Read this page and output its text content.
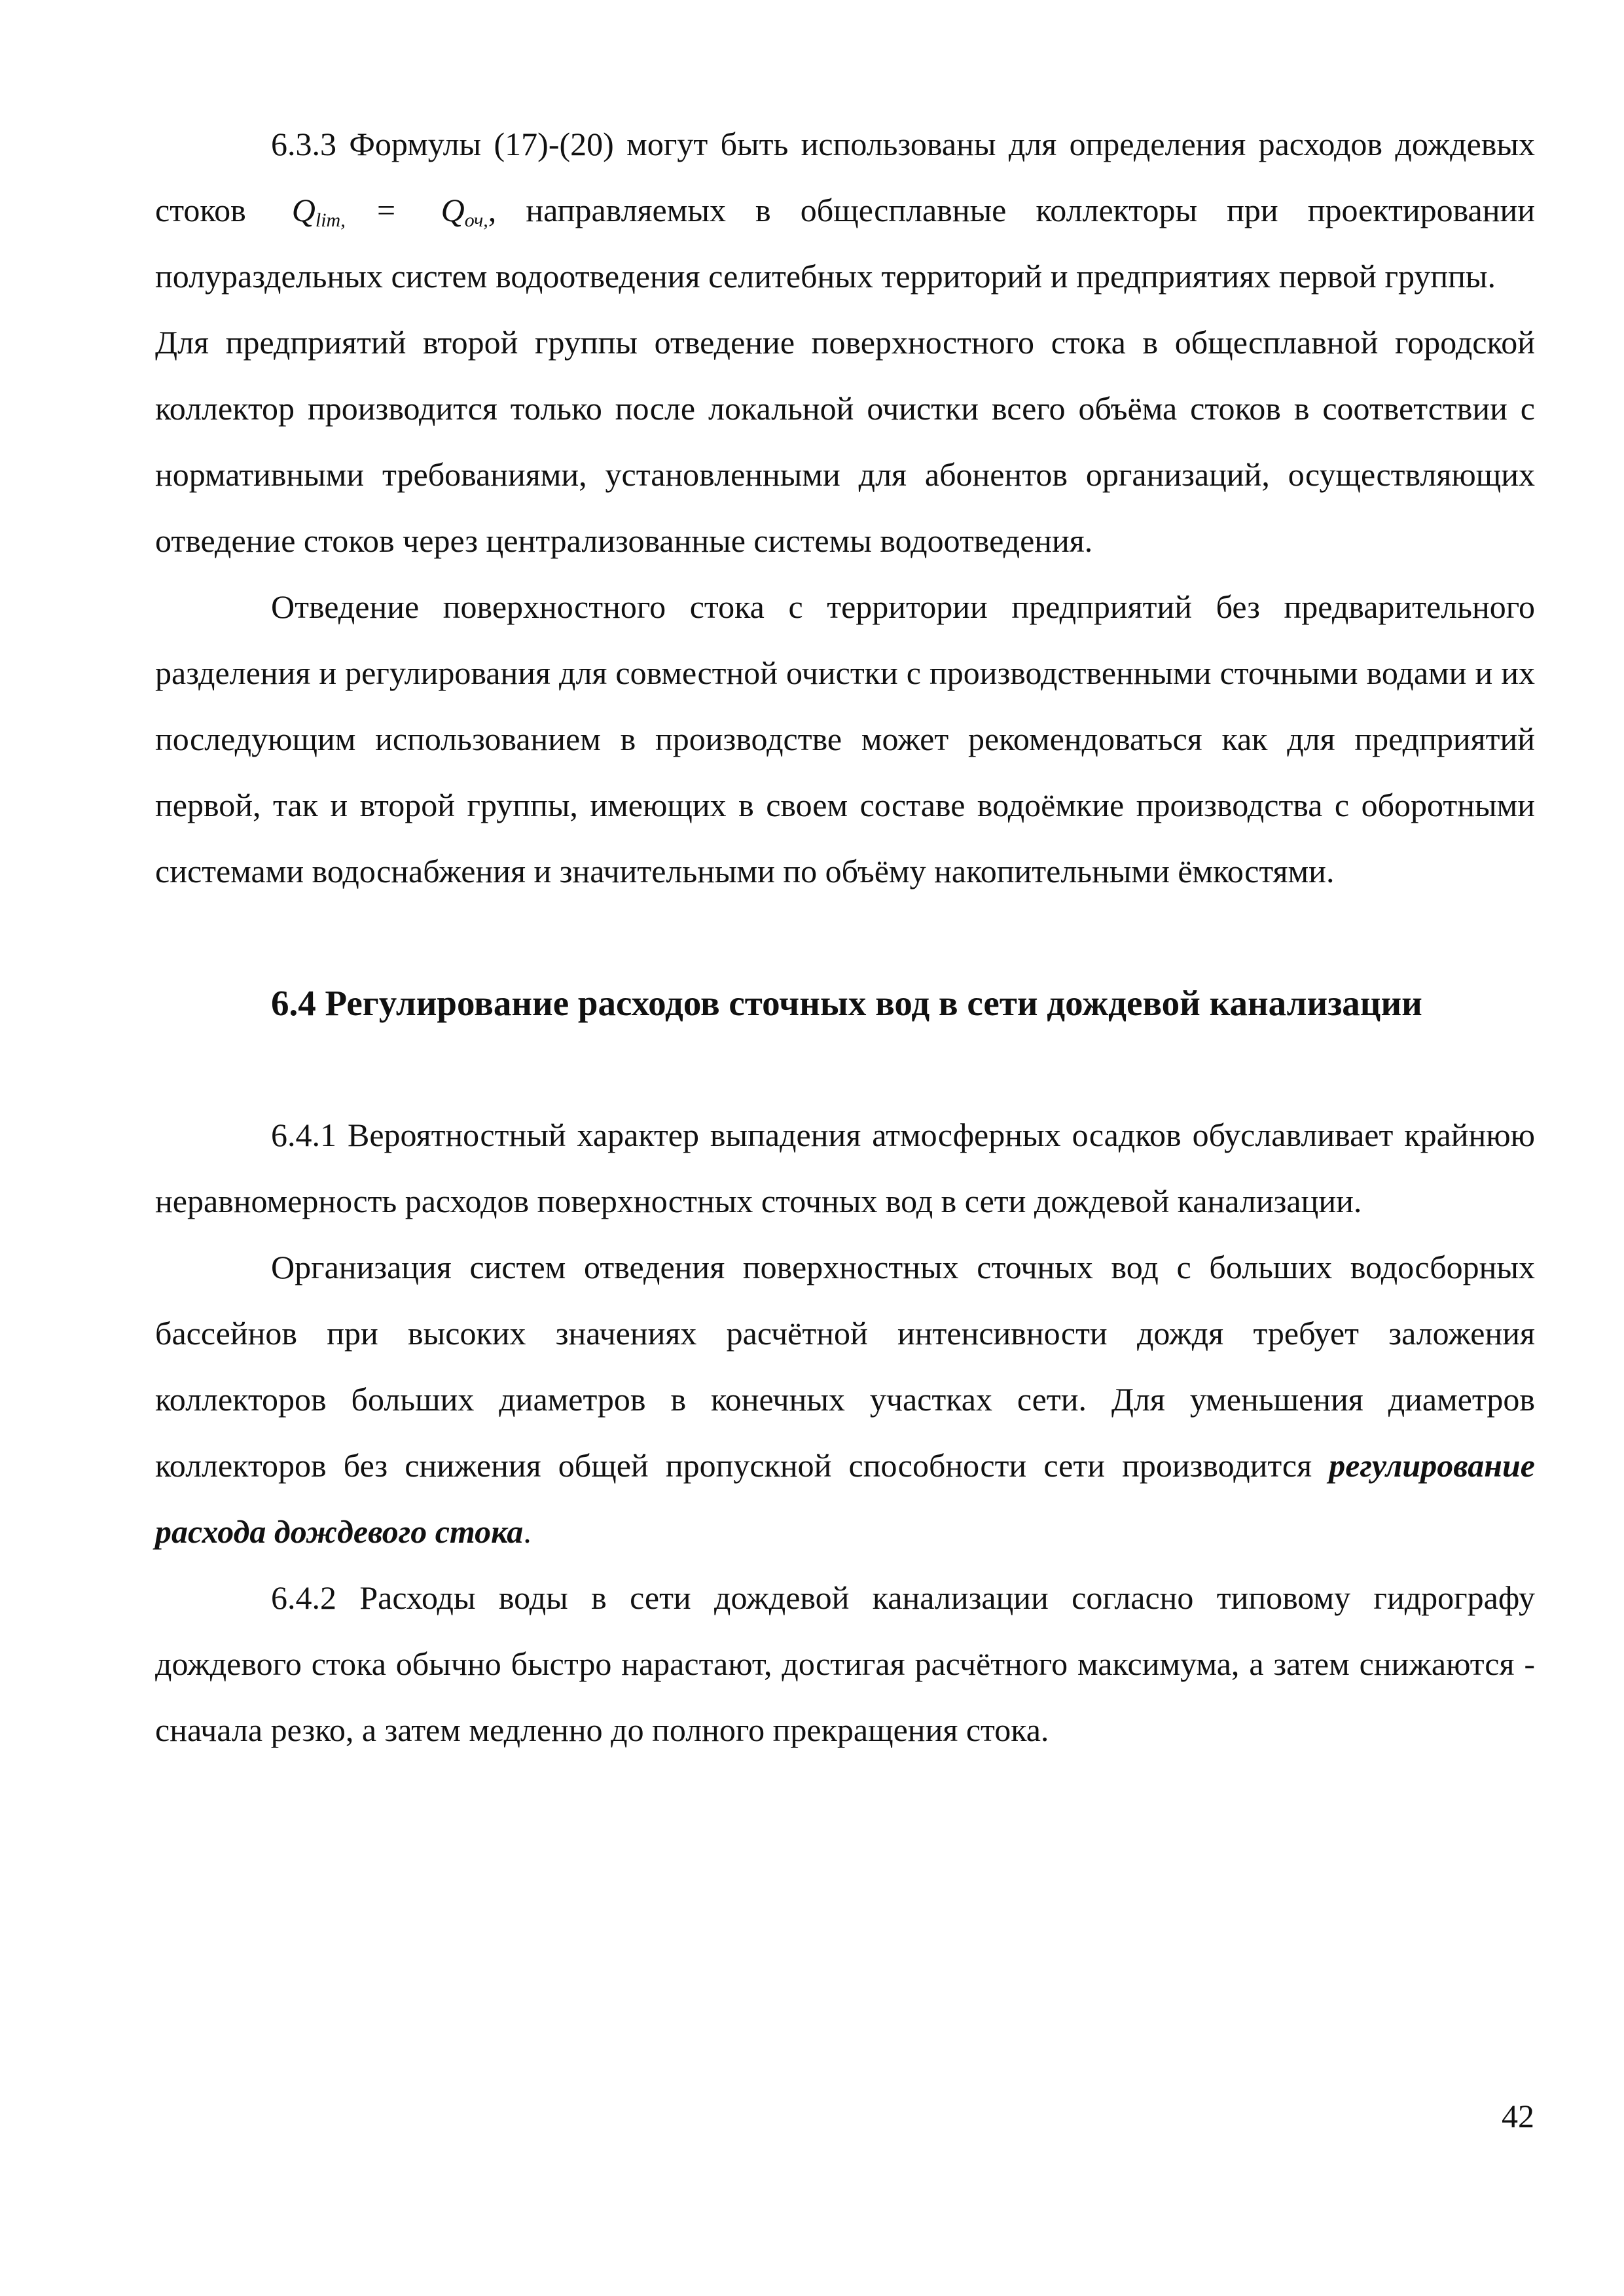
6.3.3 Формулы (17)-(20) могут быть использованы для определения расходов дождевых стоков $Q_{lim,} = Q_{оч,}$, направляемых в общесплавные коллекторы при проектировании полураздельных систем водоотведения селитебных территорий и предприятиях первой группы.Для предприятий второй группы отведение поверхностного стока в общесплавной городской коллектор производится только после локальной очистки всего объёма стоков в соответствии с нормативными требованиями, установленными для абонентов организаций, осуществляющих отведение стоков через централизованные системы водоотведения.

Отведение поверхностного стока с территории предприятий без предварительного разделения и регулирования для совместной очистки с производственными сточными водами и их последующим использованием в производстве может рекомендоваться как для предприятий первой, так и второй группы, имеющих в своем составе водоёмкие производства с оборотными системами водоснабжения и значительными по объёму накопительными ёмкостями.

6.4 Регулирование расходов сточных вод в сети дождевой канализации

6.4.1 Вероятностный характер выпадения атмосферных осадков обуславливает крайнюю неравномерность расходов поверхностных сточных вод в сети дождевой канализации.

Организация систем отведения поверхностных сточных вод с больших водосборных бассейнов при высоких значениях расчётной интенсивности дождя требует заложения коллекторов больших диаметров в конечных участках сети. Для уменьшения диаметров коллекторов без снижения общей пропускной способности сети производится регулирование расхода дождевого стока.

6.4.2 Расходы воды в сети дождевой канализации согласно типовому гидрографу дождевого стока обычно быстро нарастают, достигая расчётного максимума, а затем снижаются - сначала резко, а затем медленно до полного прекращения стока.

42
